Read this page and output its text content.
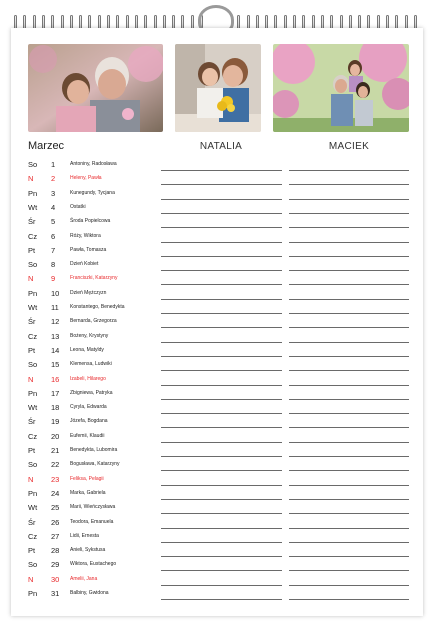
Marzec	NATALIA	MACIEK
So 1	Antoniny, Radosława
N 2	Heleny, Pawła
Pn 3	Kunegundy, Tycjana
Wt 4	Ostatki
Śr 5	Środa Popielcowa
Cz 6	Róży, Wiktora
Pt 7	Pawła, Tomasza
So 8	Dzień Kobiet
N 9	Franciszki, Katarzyny
Pn 10 Dzień Mężczyzn
Wt 11 Konstantego, Benedykta
Śr 12 Bernarda, Grzegorza
Cz 13 Bożeny, Krystyny
Pt 14 Leona, Matyldy
So 15 Klemensa, Ludwiki
N 16 Izabeli, Hilarego
Pn 17 Zbigniewa, Patryka
Wt 18 Cyryla, Edwarda
Śr 19 Józefa, Bogdana
Cz 20 Eufemii, Klaudii
Pt 21 Benedykta, Lubomira
So 22 Bogusława, Katarzyny
N 23 Feliksa, Pelagii
Pn 24 Marka, Gabriela
Wt 25 Marii, Wieńczysława
Śr 26 Teodora, Emanuela
Cz 27 Lidii, Ernesta
Pt 28 Anieli, Sykstusa
So 29 Wiktora, Eustachego
N 30 Amelii, Jana
Pn 31 Balbiny, Gwidona
